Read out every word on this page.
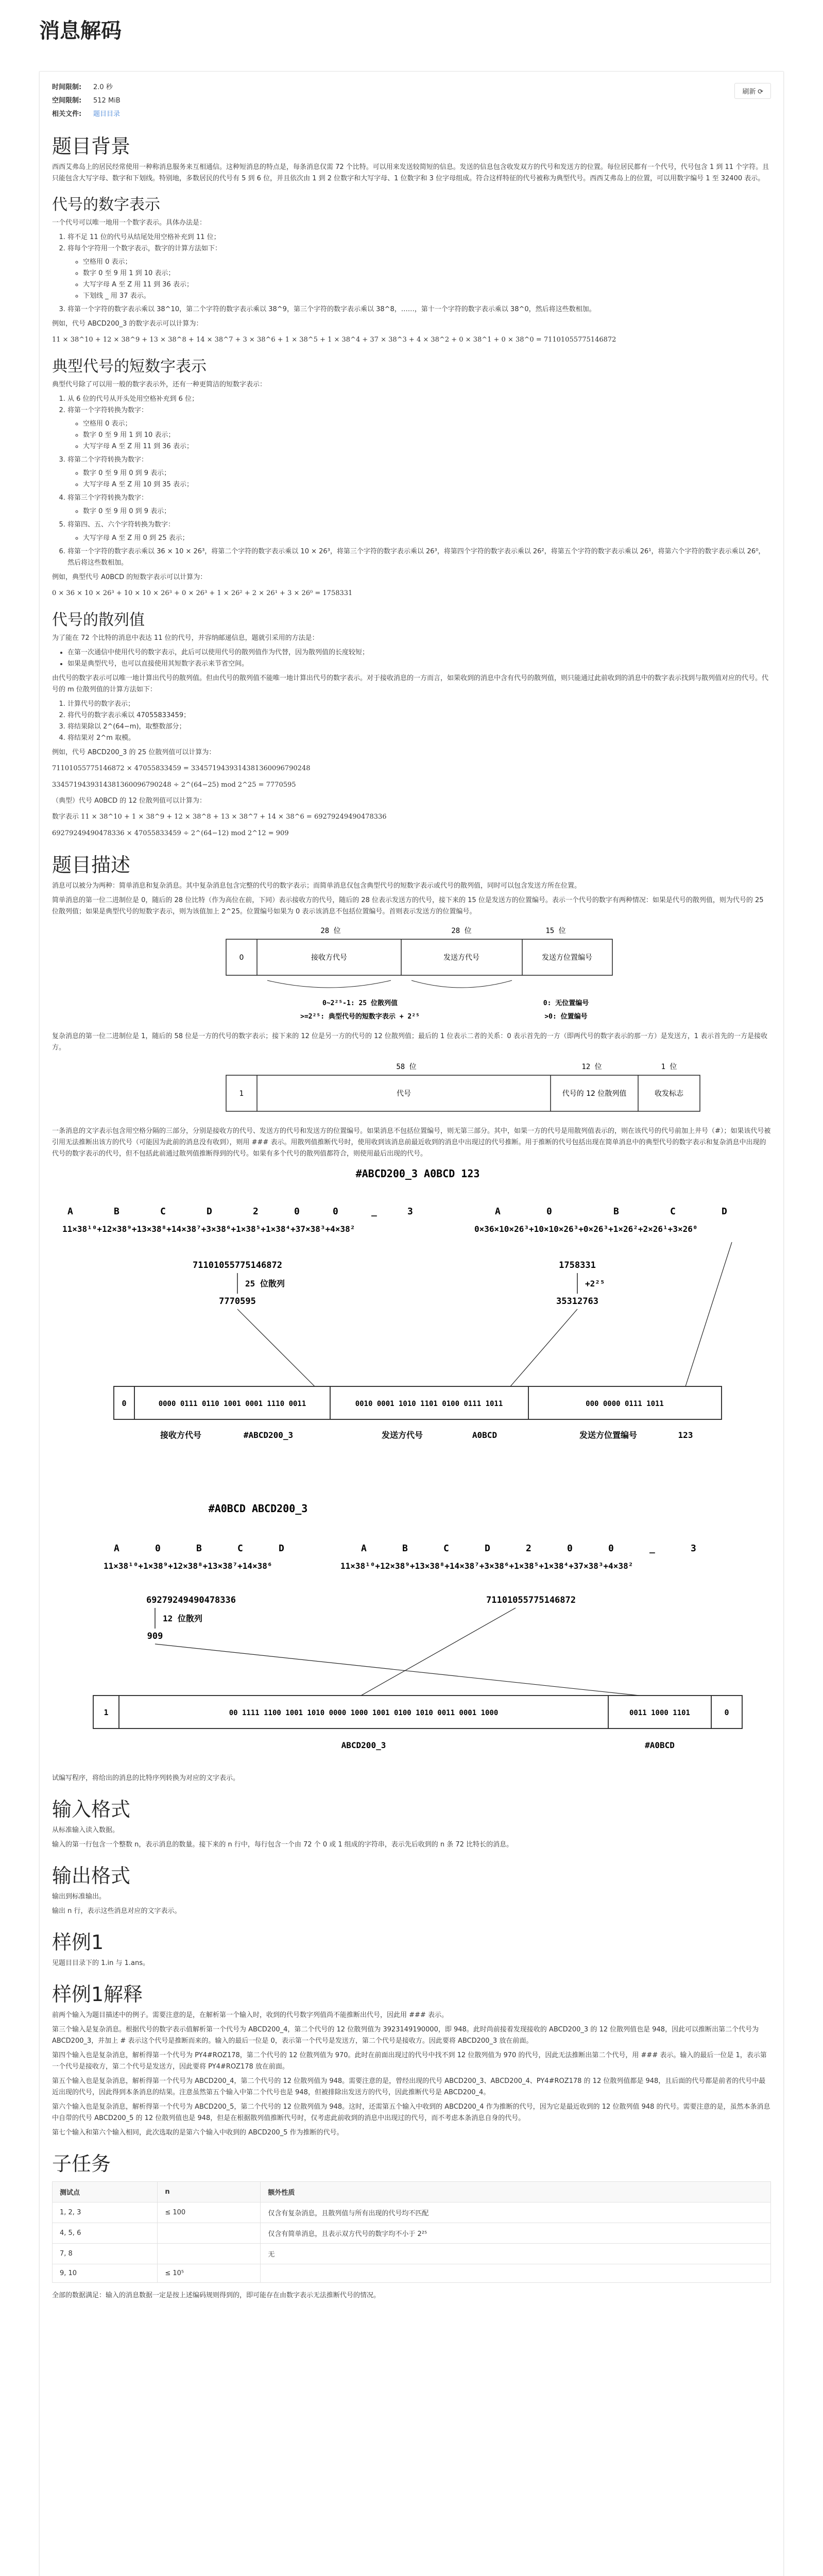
消息解码
刷新 ⟳
时间限制: 2.0 秒
空间限制: 512 MiB
相关文件: 题目目录
题目背景

西西艾弗岛上的居民经常使用一种称消息服务来互相通信。这种短消息的特点是，每条消息仅需 72 个比特。可以用来发送较简短的信息。发送的信息包含收发双方的代号和发送方的位置。每位居民都有一个代号，代号包含 1 到 11 个字符。且只能包含大写字母、数字和下划线。特别地，多数居民的代号有 5 到 6 位，并且依次由 1 到 2 位数字和大写字母、1 位数字和 3 位字母组成。符合这样特征的代号被称为典型代号。西西艾弗岛上的位置，可以用数字编号 1 至 32400 表示。

代号的数字表示

一个代号可以唯一地用一个数字表示。具体办法是：

1. 将不足 11 位的代号从结尾处用空格补充到 11 位；
2. 将每个字符用一个数字表示，数字的计算方法如下：
◦ 空格用 0 表示；
◦ 数字 0 至 9 用 1 到 10 表示；
◦ 大写字母 A 至 Z 用 11 到 36 表示；
◦ 下划线 _ 用 37 表示。
3. 将第一个字符的数字表示乘以 38^10，第二个字符的数字表示乘以 38^9，第三个字符的数字表示乘以 38^8，……，第十一个字符的数字表示乘以 38^0，然后将这些数相加。

例如，代号 ABCD200_3 的数字表示可以计算为：

11 × 38^10 + 12 × 38^9 + 13 × 38^8 + 14 × 38^7 + 3 × 38^6 + 1 × 38^5 + 1 × 38^4 + 37 × 38^3 + 4 × 38^2 + 0 × 38^1 + 0 × 38^0 = 71101055775146872
典型代号的短数字表示

典型代号除了可以用一般的数字表示外，还有一种更简洁的短数字表示：

1. 从 6 位的代号从开头处用空格补充到 6 位；
2. 将第一个字符转换为数字：
◦ 空格用 0 表示；
◦ 数字 0 至 9 用 1 到 10 表示；
◦ 大写字母 A 至 Z 用 11 到 36 表示；
3. 将第二个字符转换为数字：
◦ 数字 0 至 9 用 0 到 9 表示；
◦ 大写字母 A 至 Z 用 10 到 35 表示；
4. 将第三个字符转换为数字：
◦ 数字 0 至 9 用 0 到 9 表示；
5. 将第四、五、六个字符转换为数字：
◦ 大写字母 A 至 Z 用 0 到 25 表示；
6. 将第一个字符的数字表示乘以 36 × 10 × 26³，将第二个字符的数字表示乘以 10 × 26³，将第三个字符的数字表示乘以 26³，将第四个字符的数字表示乘以 26²，将第五个字符的数字表示乘以 26¹，将第六个字符的数字表示乘以 26⁰，然后将这些数相加。

例如，典型代号 A0BCD 的短数字表示可以计算为：

0 × 36 × 10 × 26³ + 10 × 10 × 26³ + 0 × 26³ + 1 × 26² + 2 × 26¹ + 3 × 26⁰ = 1758331
代号的散列值

为了能在 72 个比特的消息中表达 11 位的代号，并容纳邮递信息，题就引采用的方法是：

• 在第一次通信中使用代号的数字表示，此后可以使用代号的散列值作为代替，因为散列值的长度较短；
• 如果是典型代号，也可以直接使用其短数字表示来节省空间。

由代号的数字表示可以唯一地计算出代号的散列值。但由代号的散列值不能唯一地计算出代号的数字表示。对于接收消息的一方而言，如果收到的消息中含有代号的散列值，则只能通过此前收到的消息中的数字表示找到与散列值对应的代号。代号的 m 位散列值的计算方法如下：

1. 计算代号的数字表示；
2. 将代号的数字表示乘以 47055833459；
3. 将结果除以 2^(64−m)，取整数部分；
4. 将结果对 2^m 取模。

例如，代号 ABCD200_3 的 25 位散列值可以计算为：

71101055775146872 × 47055833459 = 3345719439314381360096790248
3345719439314381360096790248 ÷ 2^(64−25) mod 2^25 = 7770595

（典型）代号 A0BCD 的 12 位散列值可以计算为：

数字表示 11 × 38^10 + 1 × 38^9 + 12 × 38^8 + 13 × 38^7 + 14 × 38^6 = 69279249490478336
69279249490478336 × 47055833459 ÷ 2^(64−12) mod 2^12 = 909
题目描述

消息可以被分为两种：简单消息和复杂消息。其中复杂消息包含完整的代号的数字表示；而简单消息仅包含典型代号的短数字表示或代号的散列值，同时可以包含发送方所在位置。

简单消息的第一位二进制位是 0，随后的 28 位比特（作为高位在前，下同）表示接收方的代号，随后的 28 位表示发送方的代号，接下来的 15 位是发送方的位置编号。表示一个代号的数字有两种情况：如果是代号的散列值，则为代号的 25 位散列值；如果是典型代号的短数字表示，则为该值加上 2^25。位置编号如果为 0 表示该消息不包括位置编号。首则表示发送方的位置编号。

28 位	28 位	15 位
0	接收方代号	发送方代号	发送方位置编号
0~2²⁵-1: 25 位散列值
>=2²⁵: 典型代号的短数字表示 + 2²⁵
0: 无位置编号
>0: 位置编号

复杂消息的第一位二进制位是 1，随后的 58 位是一方的代号的数字表示；接下来的 12 位是另一方的代号的 12 位散列值；最后的 1 位表示二者的关系：0 表示首先的一方（即两代号的数字表示的那一方）是发送方，1 表示首先的一方是接收方。

58 位	12 位	1 位
1	代号	代号的 12 位散列值	收发标志

一条消息的文字表示包含用空格分隔的三部分，分别是接收方的代号、发送方的代号和发送方的位置编号。如果消息不包括位置编号，则无第三部分。其中，如果一方的代号是用散列值表示的，则在该代号的代号前加上井号（#）；如果该代号被引用无法推断出该方的代号（可能因为此前的消息没有收到），则用 ### 表示。用散列值推断代号时，使用收到该消息前最近收到的消息中出现过的代号推断。用于推断的代号包括出现在简单消息中的典型代号的数字表示和复杂消息中出现的代号的数字表示的代号，但不包括此前通过散列值推断得到的代号。如果有多个代号的散列值都符合，则使用最后出现的代号。

#ABCD200_3 A0BCD 123
A	B	C	D	2	0	0	_	3	A	0	B	C	D
11×38¹⁰+12×38⁹+13×38⁸+14×38⁷+3×38⁶+1×38⁵+1×38⁴+37×38³+4×38²	0×36×10×26³+10×10×26³+0×26³+1×26²+2×26¹+3×26⁰
71101055775146872
25 位散列
7770595
1758331
+2²⁵
35312763
0	0000 0111 0110 1001 0001 1110 0011	0010 0001 1010 1101 0100 0111 1011	000 0000 0111 1011
接收方代号	#ABCD200_3	发送方代号	A0BCD	发送方位置编号	123
#A0BCD ABCD200_3
A	0	B	C	D	A	B	C	D	2	0	0	_	3
11×38¹⁰+1×38⁹+12×38⁸+13×38⁷+14×38⁶	11×38¹⁰+12×38⁹+13×38⁸+14×38⁷+3×38⁶+1×38⁵+1×38⁴+37×38³+4×38²
69279249490478336
12 位散列
909
71101055775146872
1	00 1111 1100 1001 1010 0000 1000 1001 0100 1010 0011 0001 1000	0011 1000 1101	0
ABCD200_3	#A0BCD

试编写程序，将给出的消息的比特序列转换为对应的文字表示。

输入格式

从标准输入读入数据。

输入的第一行包含一个整数 n，表示消息的数量。接下来的 n 行中，每行包含一个由 72 个 0 或 1 组成的字符串，表示先后收到的 n 条 72 比特长的消息。

输出格式

输出到标准输出。

输出 n 行，表示这些消息对应的文字表示。

样例1

见题目目录下的 1.in 与 1.ans。

样例1解释

前两个输入为题目描述中的例子。需要注意的是，在解析第一个输入时，收到的代号数字列值尚不能推断出代号，因此用 ### 表示。

第三个输入是复杂消息。根据代号的数字表示值解析第一个代号为 ABCD200_4，第二个代号的 12 位散列值为 3923149190000，即 948。此时尚前接着发现接收的 ABCD200_3 的 12 位散列值也是 948，因此可以推断出第二个代号为 ABCD200_3，并加上 # 表示这个代号是推断而来的。输入的最后一位是 0，表示第一个代号是发送方，第二个代号是接收方。因此要将 ABCD200_3 放在前面。

第四个输入也是复杂消息，解析得第一个代号为 PY4#ROZ178，第二个代号的 12 位散列值为 970。此时在前面出现过的代号中找不到 12 位散列值为 970 的代号，因此无法推断出第二个代号，用 ### 表示。输入的最后一位是 1，表示第一个代号是接收方，第二个代号是发送方，因此要将 PY4#ROZ178 放在前面。

第五个输入也是复杂消息，解析得第一个代号为 ABCD200_4，第二个代号的 12 位散列值为 948。需要注意的是，曾经出现的代号 ABCD200_3、ABCD200_4、PY4#ROZ178 的 12 位散列值都是 948，且后面的代号都是前者的代号中最近出现的代号，因此得到本条消息的结果。注意虽然第五个输入中第二个代号也是 948，但被排除出发送方的代号，因此推断代号是 ABCD200_4。

第六个输入也是复杂消息，解析得第一个代号为 ABCD200_5，第二个代号的 12 位散列值为 948。这时，还需第五个输入中收到的 ABCD200_4 作为推断的代号，因为它是最近收到的 12 位散列值 948 的代号。需要注意的是，虽然本条消息中自带的代号 ABCD200_5 的 12 位散列值也是 948，但是在根据散列值推断代号时，仅考虑此前收到的消息中出现过的代号，而不考虑本条消息自身的代号。

第七个输入和第六个输入相同，此次选取的是第六个输入中收到的 ABCD200_5 作为推断的代号。

子任务
测试点	n	额外性质
1, 2, 3	≤ 100	仅含有复杂消息，且散列值与所有出现的代号均不匹配
4, 5, 6		仅含有简单消息，且表示双方代号的数字均不小于 2²⁵
7, 8		无
9, 10	≤ 10⁵	

全部的数据满足：输入的消息数据一定是按上述编码规则得到的，即可能存在由数字表示无法推断代号的情况。
